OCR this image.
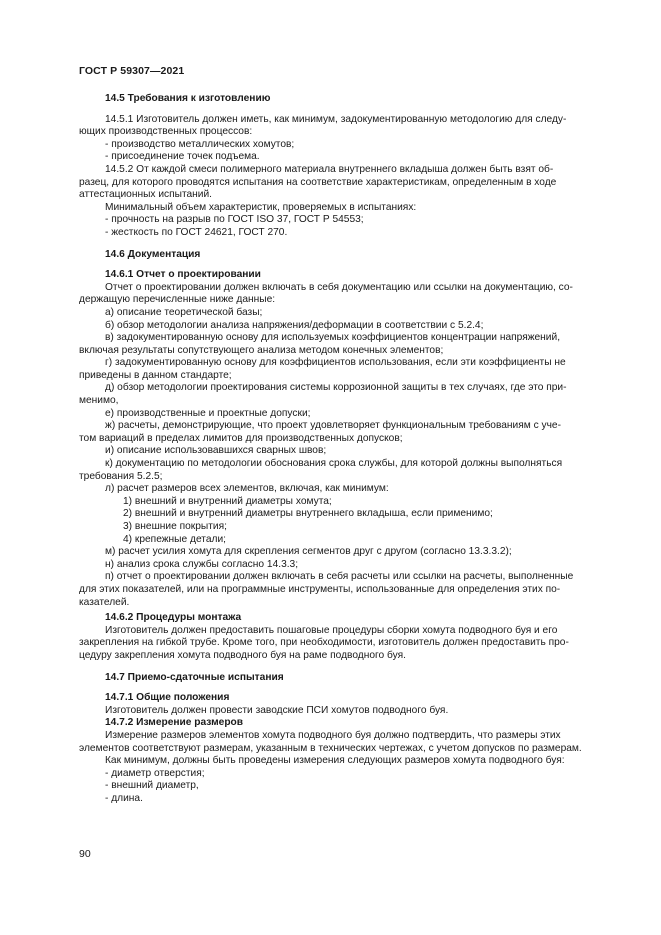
ГОСТ Р 59307—2021
14.5 Требования к изготовлению
14.5.1 Изготовитель должен иметь, как минимум, задокументированную методологию для следу-
ющих производственных процессов:
- производство металлических хомутов;
- присоединение точек подъема.
14.5.2 От каждой смеси полимерного материала внутреннего вкладыша должен быть взят об-
разец, для которого проводятся испытания на соответствие характеристикам, определенным в ходе
аттестационных испытаний.
Минимальный объем характеристик, проверяемых в испытаниях:
- прочность на разрыв по ГОСТ ISO 37, ГОСТ Р 54553;
- жесткость по ГОСТ 24621, ГОСТ 270.
14.6 Документация
14.6.1 Отчет о проектировании
Отчет о проектировании должен включать в себя документацию или ссылки на документацию, со-
держащую перечисленные ниже данные:
а) описание теоретической базы;
б) обзор методологии анализа напряжения/деформации в соответствии с 5.2.4;
в) задокументированную основу для используемых коэффициентов концентрации напряжений,
включая результаты сопутствующего анализа методом конечных элементов;
г) задокументированную основу для коэффициентов использования, если эти коэффициенты не
приведены в данном стандарте;
д) обзор методологии проектирования системы коррозионной защиты в тех случаях, где это при-
менимо,
е) производственные и проектные допуски;
ж) расчеты, демонстрирующие, что проект удовлетворяет функциональным требованиям с учe-
том вариаций в пределах лимитов для производственных допусков;
и) описание использовавшихся сварных швов;
к) документацию по методологии обоснования срока службы, для которой должны выполняться
требования 5.2.5;
л) расчет размеров всех элементов, включая, как минимум:
1) внешний и внутренний диаметры хомута;
2) внешний и внутренний диаметры внутреннего вкладыша, если применимо;
3) внешние покрытия;
4) крепежные детали;
м) расчет усилия хомута для скрепления сегментов друг с другом (согласно 13.3.3.2);
н) анализ срока службы согласно 14.3.3;
п) отчет о проектировании должен включать в себя расчеты или ссылки на расчеты, выполненные
для этих показателей, или на программные инструменты, использованные для определения этих по-
казателей.
14.6.2 Процедуры монтажа
Изготовитель должен предоставить пошаговые процедуры сборки хомута подводного буя и его
закрепления на гибкой трубе. Кроме того, при необходимости, изготовитель должен предоставить про-
цедуру закрепления хомута подводного буя на раме подводного буя.
14.7 Приемо-сдаточные испытания
14.7.1 Общие положения
Изготовитель должен провести заводские ПСИ хомутов подводного буя.
14.7.2 Измерение размеров
Измерение размеров элементов хомута подводного буя должно подтвердить, что размеры этих
элементов соответствуют размерам, указанным в технических чертежах, с учетом допусков по размерам.
Как минимум, должны быть проведены измерения следующих размеров хомута подводного буя:
- диаметр отверстия;
- внешний диаметр,
- длина.
90
